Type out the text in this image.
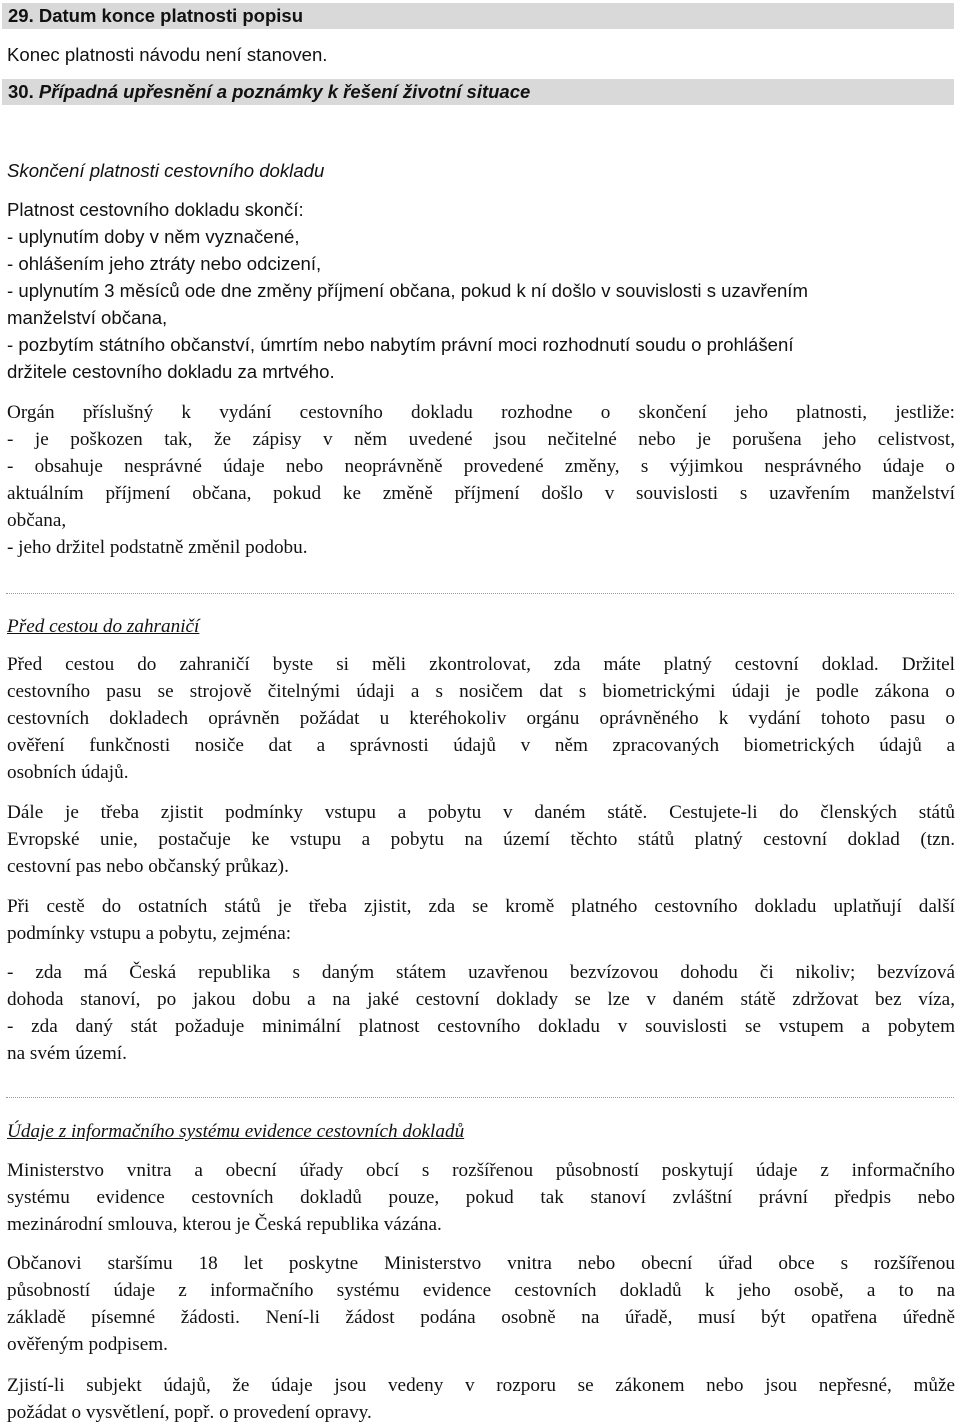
29. Datum konce platnosti popisu
Konec platnosti návodu není stanoven.
30. Případná upřesnění a poznámky k řešení životní situace
Skončení platnosti cestovního dokladu
Platnost cestovního dokladu skončí:
- uplynutím doby v něm vyznačené,
- ohlášením jeho ztráty nebo odcizení,
- uplynutím 3 měsíců ode dne změny příjmení občana, pokud k ní došlo v souvislosti s uzavřením
manželství občana,
- pozbytím státního občanství, úmrtím nebo nabytím právní moci rozhodnutí soudu o prohlášení
držitele cestovního dokladu za mrtvého.
Orgán příslušný k vydání cestovního dokladu rozhodne o skončení jeho platnosti, jestliže:
- je poškozen tak, že zápisy v něm uvedené jsou nečitelné nebo je porušena jeho celistvost,
- obsahuje nesprávné údaje nebo neoprávněně provedené změny, s výjimkou nesprávného údaje o
aktuálním příjmení občana, pokud ke změně příjmení došlo v souvislosti s uzavřením manželství
občana,
- jeho držitel podstatně změnil podobu.
Před cestou do zahraničí
Před cestou do zahraničí byste si měli zkontrolovat, zda máte platný cestovní doklad. Držitel
cestovního pasu se strojově čitelnými údaji a s nosičem dat s biometrickými údaji je podle zákona o
cestovních dokladech oprávněn požádat u kteréhokoliv orgánu oprávněného k vydání tohoto pasu o
ověření funkčnosti nosiče dat a správnosti údajů v něm zpracovaných biometrických údajů a
osobních údajů.
Dále je třeba zjistit podmínky vstupu a pobytu v daném státě. Cestujete-li do členských států
Evropské unie, postačuje ke vstupu a pobytu na území těchto států platný cestovní doklad (tzn.
cestovní pas nebo občanský průkaz).
Při cestě do ostatních států je třeba zjistit, zda se kromě platného cestovního dokladu uplatňují další
podmínky vstupu a pobytu, zejména:
- zda má Česká republika s daným státem uzavřenou bezvízovou dohodu či nikoliv; bezvízová
dohoda stanoví, po jakou dobu a na jaké cestovní doklady se lze v daném státě zdržovat bez víza,
- zda daný stát požaduje minimální platnost cestovního dokladu v souvislosti se vstupem a pobytem
na svém území.
Údaje z informačního systému evidence cestovních dokladů
Ministerstvo vnitra a obecní úřady obcí s rozšířenou působností poskytují údaje z informačního
systému evidence cestovních dokladů pouze, pokud tak stanoví zvláštní právní předpis nebo
mezinárodní smlouva, kterou je Česká republika vázána.
Občanovi staršímu 18 let poskytne Ministerstvo vnitra nebo obecní úřad obce s rozšířenou
působností údaje z informačního systému evidence cestovních dokladů k jeho osobě, a to na
základě písemné žádosti. Není-li žádost podána osobně na úřadě, musí být opatřena úředně
ověřeným podpisem.
Zjistí-li subjekt údajů, že údaje jsou vedeny v rozporu se zákonem nebo jsou nepřesné, může
požádat o vysvětlení, popř. o provedení opravy.
